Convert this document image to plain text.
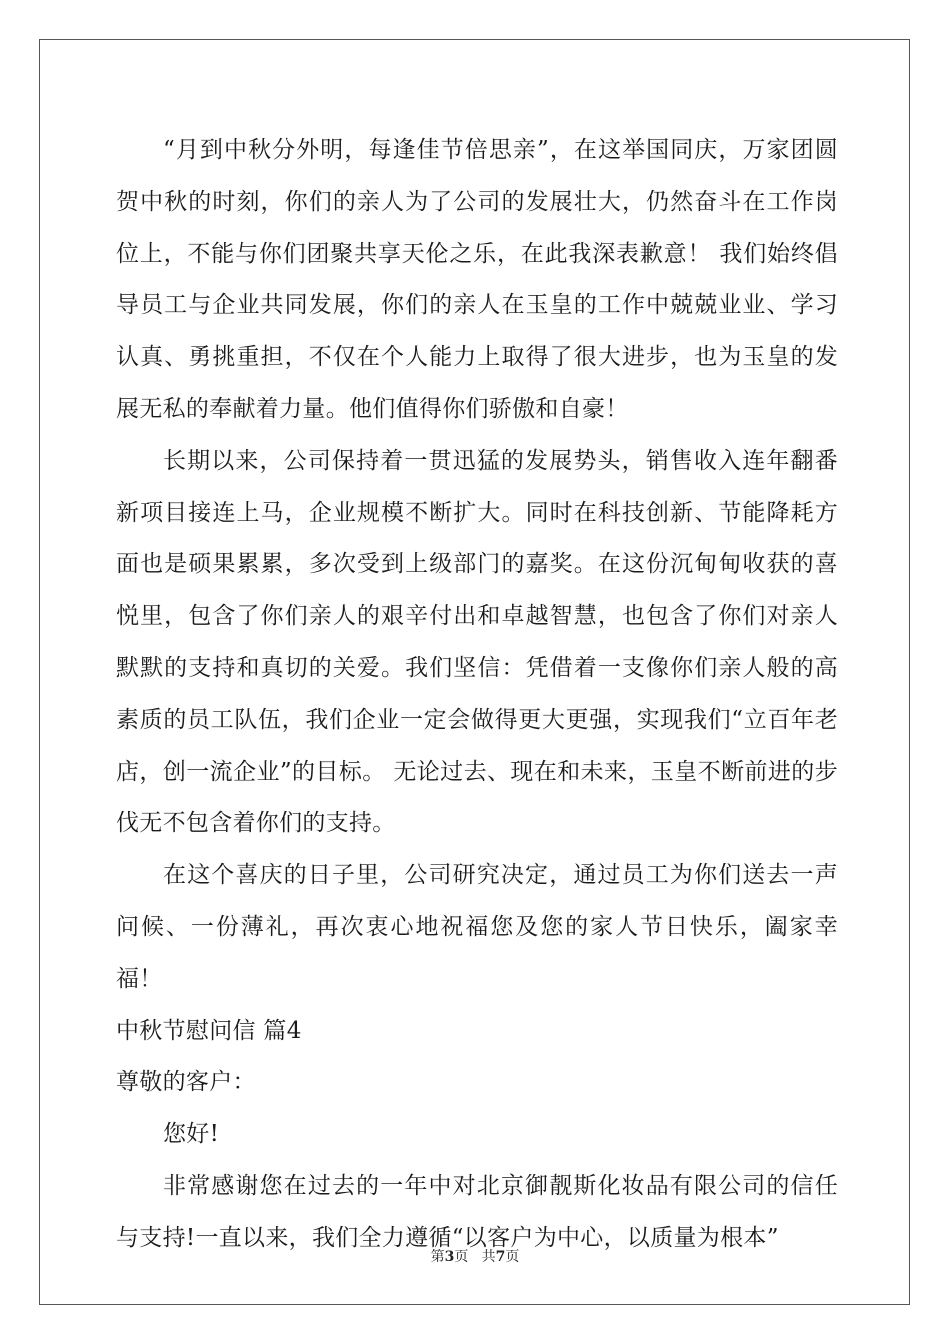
“月到中秋分外明，每逢佳节倍思亲”，在这举国同庆，万家团圆贺中秋的时刻，你们的亲人为了公司的发展壮大，仍然奋斗在工作岗位上，不能与你们团聚共享天伦之乐，在此我深表歉意！ 我们始终倡导员工与企业共同发展，你们的亲人在玉皇的工作中兢兢业业、学习认真、勇挑重担，不仅在个人能力上取得了很大进步，也为玉皇的发展无私的奉献着力量。他们值得你们骄傲和自豪！

长期以来，公司保持着一贯迅猛的发展势头，销售收入连年翻番新项目接连上马，企业规模不断扩大。同时在科技创新、节能降耗方面也是硕果累累，多次受到上级部门的嘉奖。在这份沉甸甸收获的喜悦里，包含了你们亲人的艰辛付出和卓越智慧，也包含了你们对亲人默默的支持和真切的关爱。我们坚信：凭借着一支像你们亲人般的高素质的员工队伍，我们企业一定会做得更大更强，实现我们“立百年老店，创一流企业”的目标。 无论过去、现在和未来，玉皇不断前进的步伐无不包含着你们的支持。

在这个喜庆的日子里，公司研究决定，通过员工为你们送去一声问候、一份薄礼，再次衷心地祝福您及您的家人节日快乐，阖家幸福！

中秋节慰问信 篇4

尊敬的客户：

您好!

非常感谢您在过去的一年中对北京御靓斯化妆品有限公司的信任与支持!一直以来，我们全力遵循“以客户为中心，以质量为根本”

第3页 共7页
